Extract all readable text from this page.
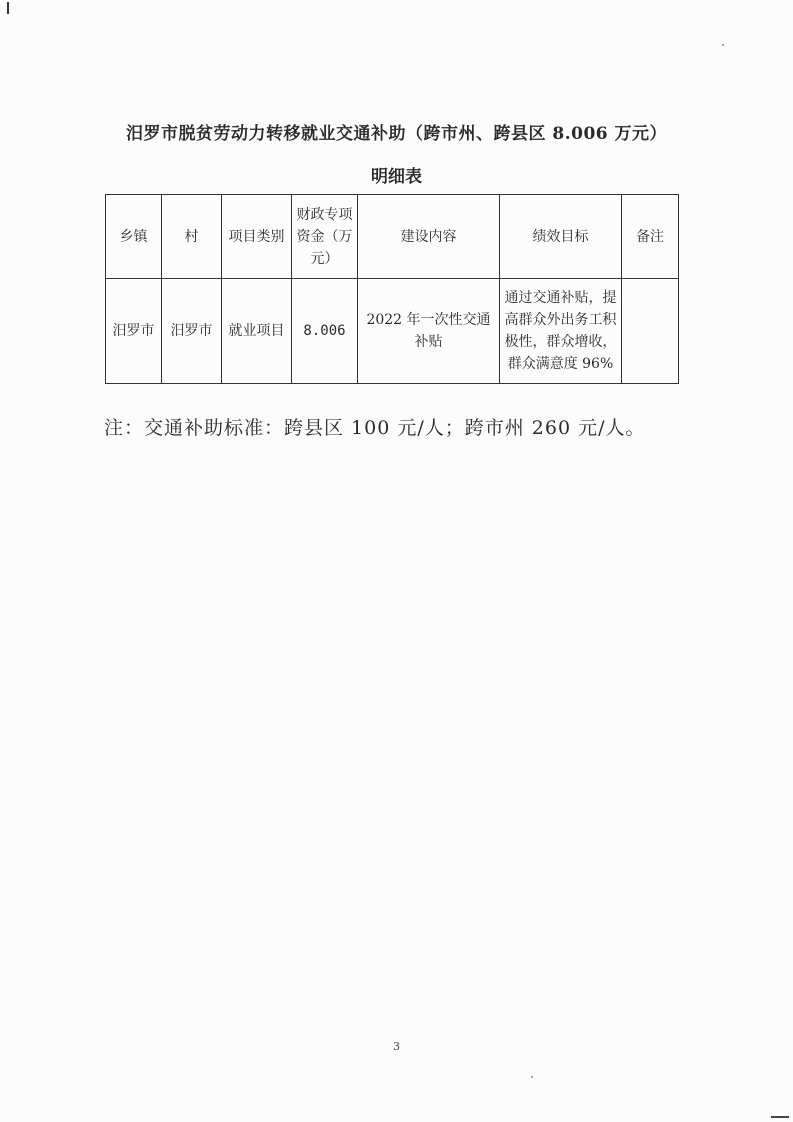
汨罗市脱贫劳动力转移就业交通补助（跨市州、跨县区 8.006 万元）
明细表
乡镇	村	项目类别	财政专项资金（万元）	建设内容	绩效目标	备注
汨罗市	汨罗市	就业项目	8.006	2022 年一次性交通补贴	通过交通补贴，提高群众外出务工积极性，群众增收，群众满意度 96%	
注：交通补助标准：跨县区 100 元/人；跨市州 260 元/人。
3
